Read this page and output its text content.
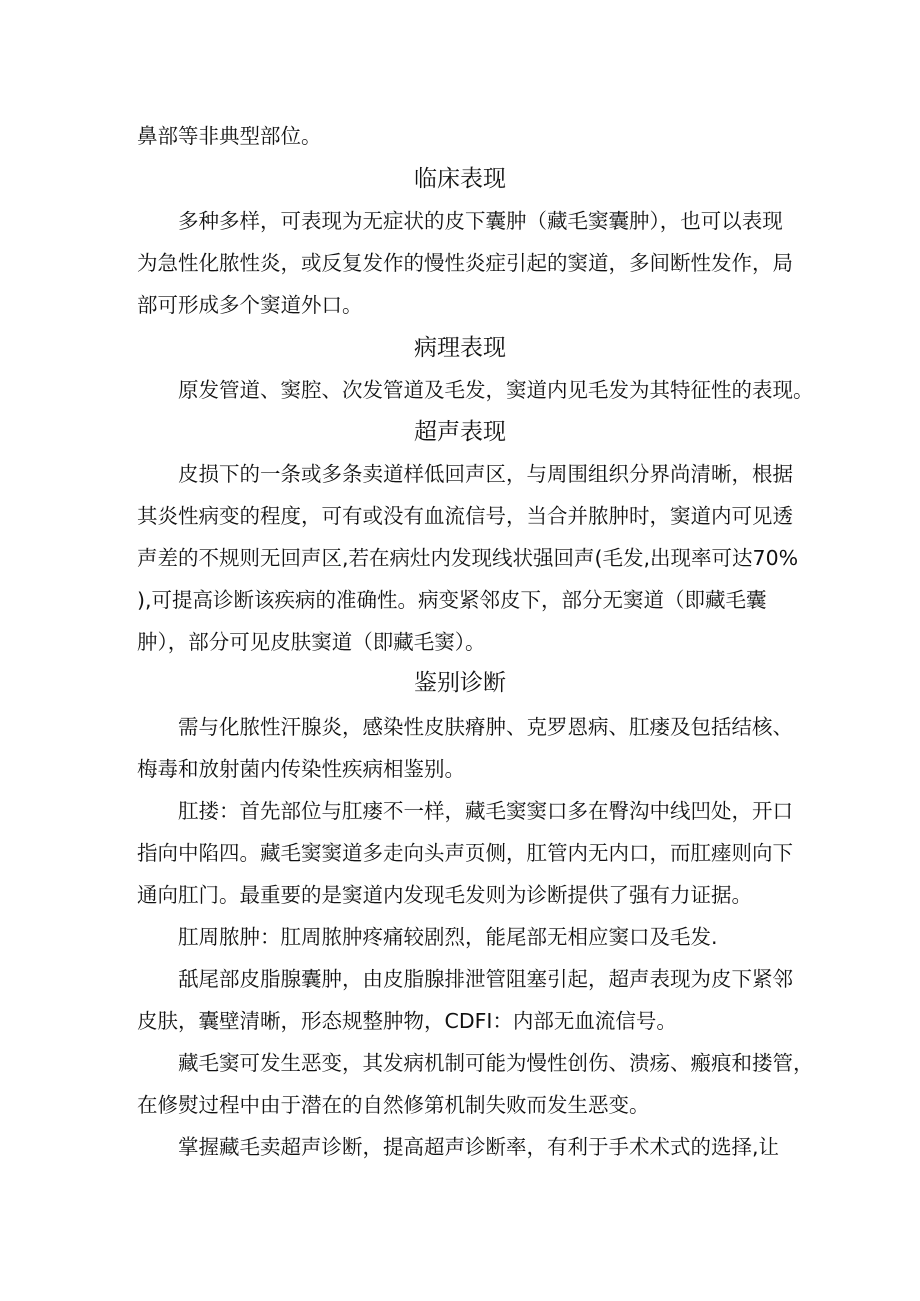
鼻部等非典型部位。
临床表现
多种多样，可表现为无症状的皮下囊肿（藏毛窦囊肿），也可以表现
为急性化脓性炎，或反复发作的慢性炎症引起的窦道，多间断性发作，局
部可形成多个窦道外口。
病理表现
原发管道、窦腔、次发管道及毛发，窦道内见毛发为其特征性的表现。
超声表现
皮损下的一条或多条卖道样低回声区，与周围组织分界尚清晰，根据
其炎性病变的程度，可有或没有血流信号，当合并脓肿时，窦道内可见透
声差的不规则无回声区,若在病灶内发现线状强回声(毛发,出现率可达70%
),可提高诊断该疾病的准确性。病变紧邻皮下，部分无窦道（即藏毛囊
肿），部分可见皮肤窦道（即藏毛窦）。
鉴别诊断
需与化脓性汗腺炎，感染性皮肤瘠肿、克罗恩病、肛瘘及包括结核、
梅毒和放射菌内传染性疾病相鉴别。
肛搂：首先部位与肛瘘不一样，藏毛窦窦口多在臀沟中线凹处，开口
指向中陷四。藏毛窦窦道多走向头声页侧，肛管内无内口，而肛瘗则向下
通向肛门。最重要的是窦道内发现毛发则为诊断提供了强有力证据。
肛周脓肿：肛周脓肿疼痛较剧烈，能尾部无相应窦口及毛发.
舐尾部皮脂腺囊肿，由皮脂腺排泄管阻塞引起，超声表现为皮下紧邻
皮肤，囊壁清晰，形态规整肿物，CDFI：内部无血流信号。
藏毛窦可发生恶变，其发病机制可能为慢性创伤、溃疡、瘢痕和搂管，
在修熨过程中由于潜在的自然修第机制失败而发生恶变。
掌握藏毛卖超声诊断，提高超声诊断率，有利于手术术式的选择,让
